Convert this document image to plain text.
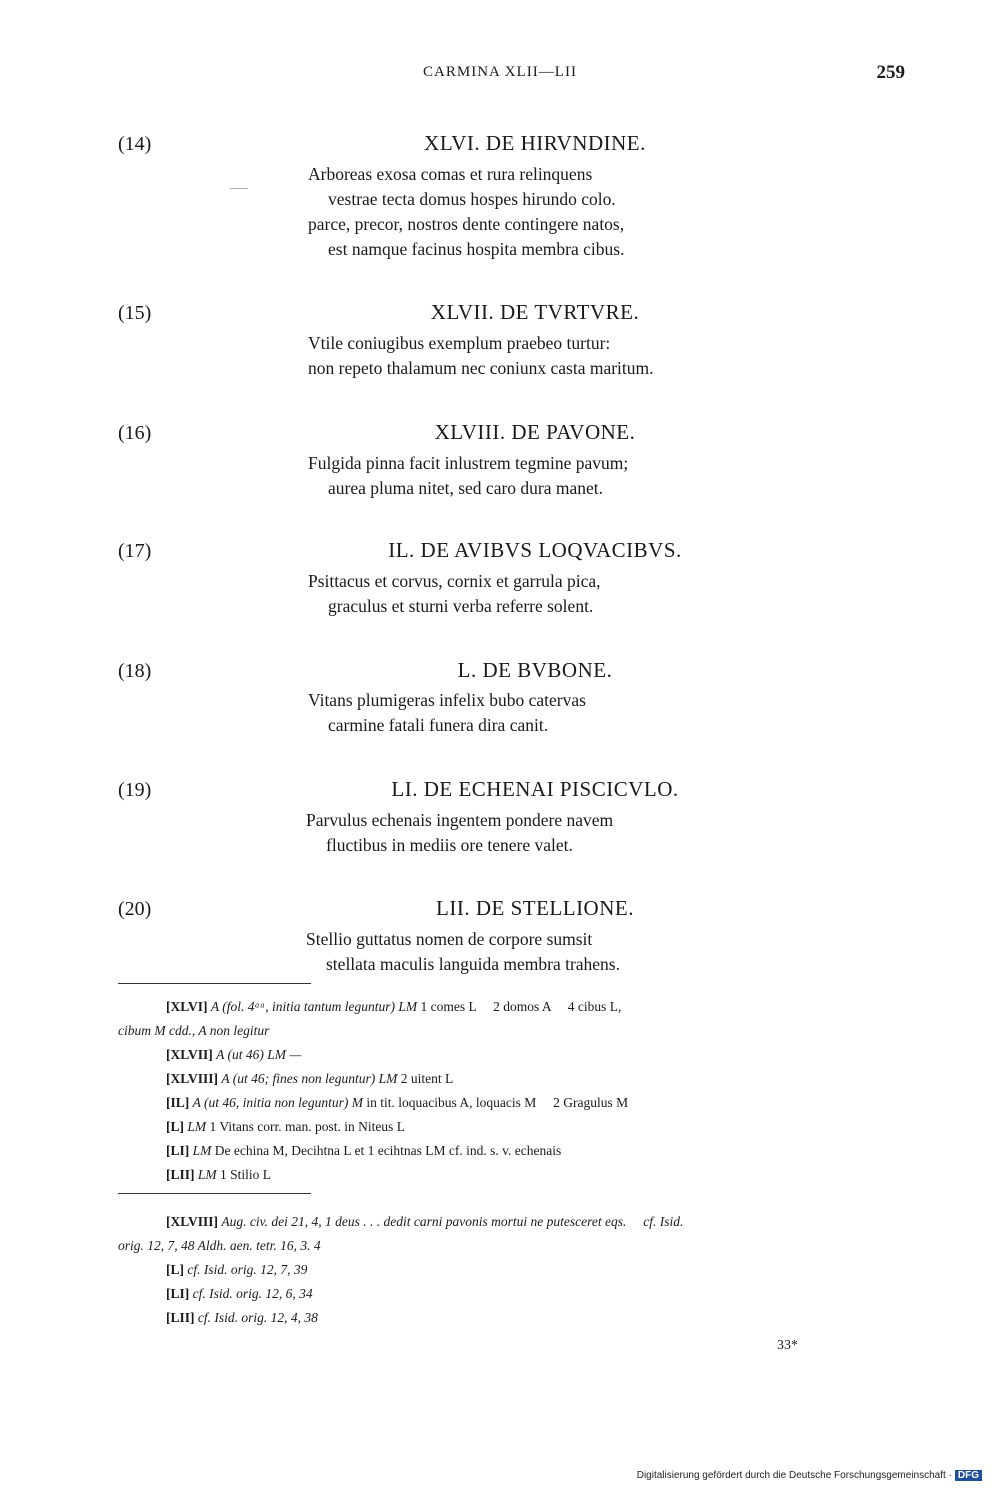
CARMINA XLII—LII	259
(14)	XLVI. DE HIRVNDINE.

Arboreas exosa comas et rura relinquens

vestrae tecta domus hospes hirundo colo.

parce, precor, nostros dente contingere natos,

est namque facinus hospita membra cibus.

(15)	XLVII. DE TVRTVRE.

Vtile coniugibus exemplum praebeo turtur:

non repeto thalamum nec coniunx casta maritum.

(16)	XLVIII. DE PAVONE.

Fulgida pinna facit inlustrem tegmine pavum;

aurea pluma nitet, sed caro dura manet.

(17)	IL. DE AVIBVS LOQVACIBVS.

Psittacus et corvus, cornix et garrula pica,

graculus et sturni verba referre solent.

(18)	L. DE BVBONE.

Vitans plumigeras infelix bubo catervas

carmine fatali funera dira canit.

(19)	LI. DE ECHENAI PISCICVLO.

Parvulus echenais ingentem pondere navem

fluctibus in mediis ore tenere valet.

(20)	LII. DE STELLIONE.

Stellio guttatus nomen de corpore sumsit

stellata maculis languida membra trahens.

[XLVI] A (fol. 4ᵃᵃ, initia tantum leguntur) LM 1 comes L     2 domos A     4 cibus L,
cibum M cdd., A non legitur
[XLVII] A (ut 46) LM —
[XLVIII] A (ut 46; fines non leguntur) LM 2 uitent L
[IL] A (ut 46, initia non leguntur) M in tit. loquacibus A, loquacis M     2 Gragulus M
[L] LM 1 Vitans corr. man. post. in Niteus L
[LI] LM De echina M, Decihtna L et 1 ecihtnas LM cf. ind. s. v. echenais
[LII] LM 1 Stilio L
[XLVIII] Aug. civ. dei 21, 4, 1 deus . . . dedit carni pavonis mortui ne putesceret eqs.     cf. Isid.
orig. 12, 7, 48 Aldh. aen. tetr. 16, 3. 4
[L] cf. Isid. orig. 12, 7, 39
[LI] cf. Isid. orig. 12, 6, 34
[LII] cf. Isid. orig. 12, 4, 38
33*
Digitalisierung gefördert durch die Deutsche Forschungsgemeinschaft · DFG
